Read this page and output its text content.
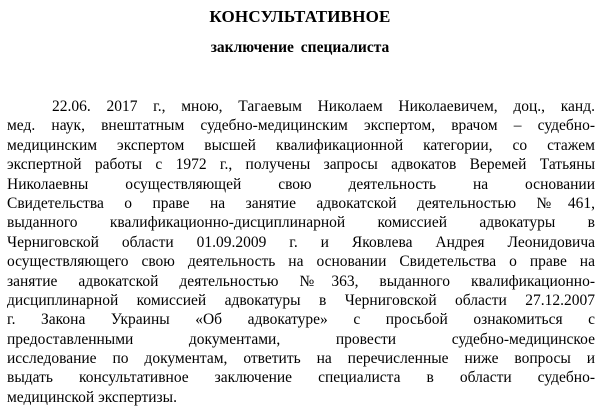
КОНСУЛЬТАТИВНОЕ
заключение специалиста
22.06. 2017 г., мною, Тагаевым Николаем Николаевичем, доц., канд.
мед. наук, внештатным судебно-медицинским экспертом, врачом – судебно-
медицинским экспертом высшей квалификационной категории, со стажем
экспертной работы с 1972 г., получены запросы адвокатов Веремей Татьяны
Николаевны осуществляющей свою деятельность на основании
Свидетельства о праве на занятие адвокатской деятельностью №461,
выданного квалификационно-дисциплинарной комиссией адвокатуры в
Черниговской области 01.09.2009 г. и Яковлева Андрея Леонидовича
осуществляющего свою деятельность на основании Свидетельства о праве на
занятие адвокатской деятельностью №363, выданного квалификационно-
дисциплинарной комиссией адвокатуры в Черниговской области 27.12.2007
г. Закона Украины «Об адвокатуре» с просьбой ознакомиться с
предоставленными документами, провести судебно-медицинское
исследование по документам, ответить на перечисленные ниже вопросы и
выдать консультативное заключение специалиста в области судебно-
медицинской экспертизы.
